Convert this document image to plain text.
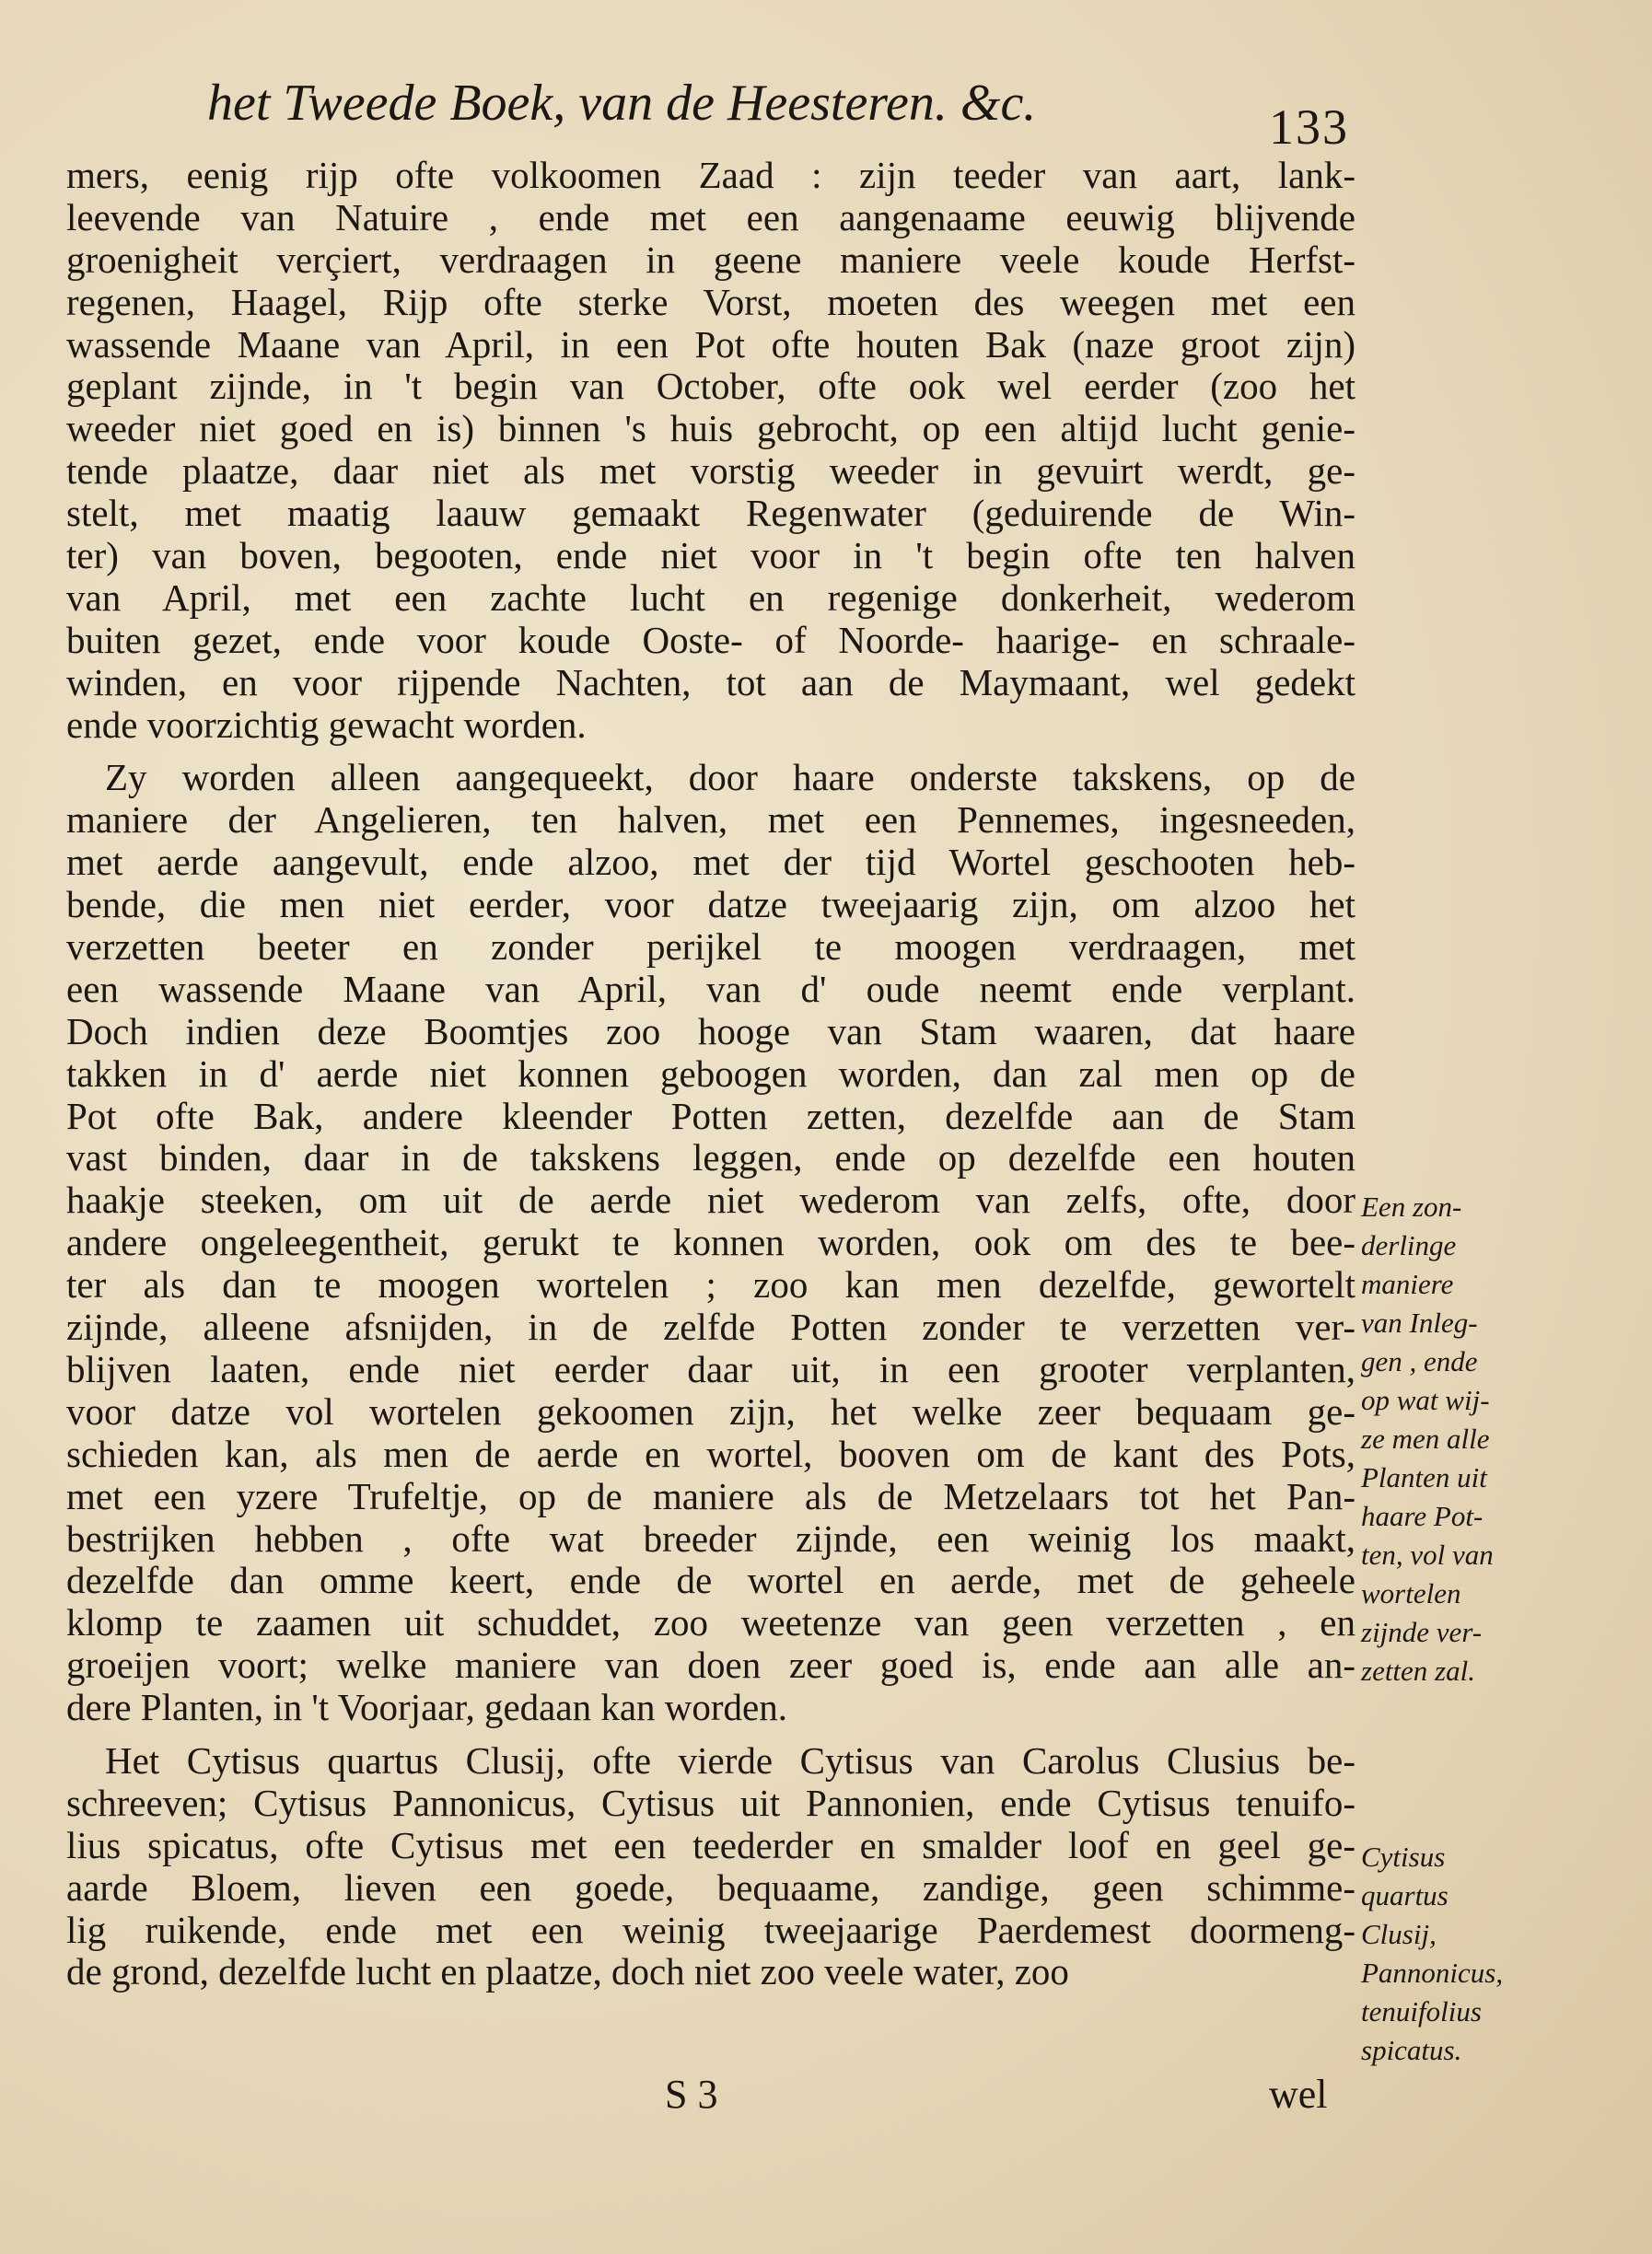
het Tweede Boek, van de Heesteren. &c.	133
mers, eenig rijp ofte volkoomen Zaad : zijn teeder van aart, lank-
leevende van Natuire , ende met een aangenaame eeuwig blijvende
groenigheit verçiert, verdraagen in geene maniere veele koude Herfst-
regenen, Haagel, Rijp ofte sterke Vorst, moeten des weegen met een
wassende Maane van April, in een Pot ofte houten Bak (naze groot zijn)
geplant zijnde, in 't begin van October, ofte ook wel eerder (zoo het
weeder niet goed en is) binnen 's huis gebrocht, op een altijd lucht genie-
tende plaatze, daar niet als met vorstig weeder in gevuirt werdt, ge-
stelt, met maatig laauw gemaakt Regenwater (geduirende de Win-
ter) van boven, begooten, ende niet voor in 't begin ofte ten halven
van April, met een zachte lucht en regenige donkerheit, wederom
buiten gezet, ende voor koude Ooste- of Noorde- haarige- en schraale-
winden, en voor rijpende Nachten, tot aan de Maymaant, wel gedekt
ende voorzichtig gewacht worden.
Zy worden alleen aangequeekt, door haare onderste takskens, op de
maniere der Angelieren, ten halven, met een Pennemes, ingesneeden,
met aerde aangevult, ende alzoo, met der tijd Wortel geschooten heb-
bende, die men niet eerder, voor datze tweejaarig zijn, om alzoo het
verzetten beeter en zonder perijkel te moogen verdraagen, met
een wassende Maane van April, van d' oude neemt ende verplant.
Doch indien deze Boomtjes zoo hooge van Stam waaren, dat haare
takken in d' aerde niet konnen geboogen worden, dan zal men op de
Pot ofte Bak, andere kleender Potten zetten, dezelfde aan de Stam
vast binden, daar in de takskens leggen, ende op dezelfde een houten
haakje steeken, om uit de aerde niet wederom van zelfs, ofte, door
andere ongeleegentheit, gerukt te konnen worden, ook om des te bee-
ter als dan te moogen wortelen ; zoo kan men dezelfde, gewortelt
zijnde, alleene afsnijden, in de zelfde Potten zonder te verzetten ver-
blijven laaten, ende niet eerder daar uit, in een grooter verplanten,
voor datze vol wortelen gekoomen zijn, het welke zeer bequaam ge-
schieden kan, als men de aerde en wortel, booven om de kant des Pots,
met een yzere Trufeltje, op de maniere als de Metzelaars tot het Pan-
bestrijken hebben , ofte wat breeder zijnde, een weinig los maakt,
dezelfde dan omme keert, ende de wortel en aerde, met de geheele
klomp te zaamen uit schuddet, zoo weetenze van geen verzetten , en
groeijen voort; welke maniere van doen zeer goed is, ende aan alle an-
dere Planten, in 't Voorjaar, gedaan kan worden.
Het Cytisus quartus Clusij, ofte vierde Cytisus van Carolus Clusius be-
schreeven; Cytisus Pannonicus, Cytisus uit Pannonien, ende Cytisus tenuifo-
lius spicatus, ofte Cytisus met een teederder en smalder loof en geel ge-
aarde Bloem, lieven een goede, bequaame, zandige, geen schimme-
lig ruikende, ende met een weinig tweejaarige Paerdemest doormeng-
de grond, dezelfde lucht en plaatze, doch niet zoo veele water, zoo
Een zon-
derlinge
maniere
van Inleg-
gen , ende
op wat wij-
ze men alle
Planten uit
haare Pot-
ten, vol van
wortelen
zijnde ver-
zetten zal.
Cytisus
quartus
Clusij,
Pannonicus,
tenuifolius
spicatus.
S 3	wel
